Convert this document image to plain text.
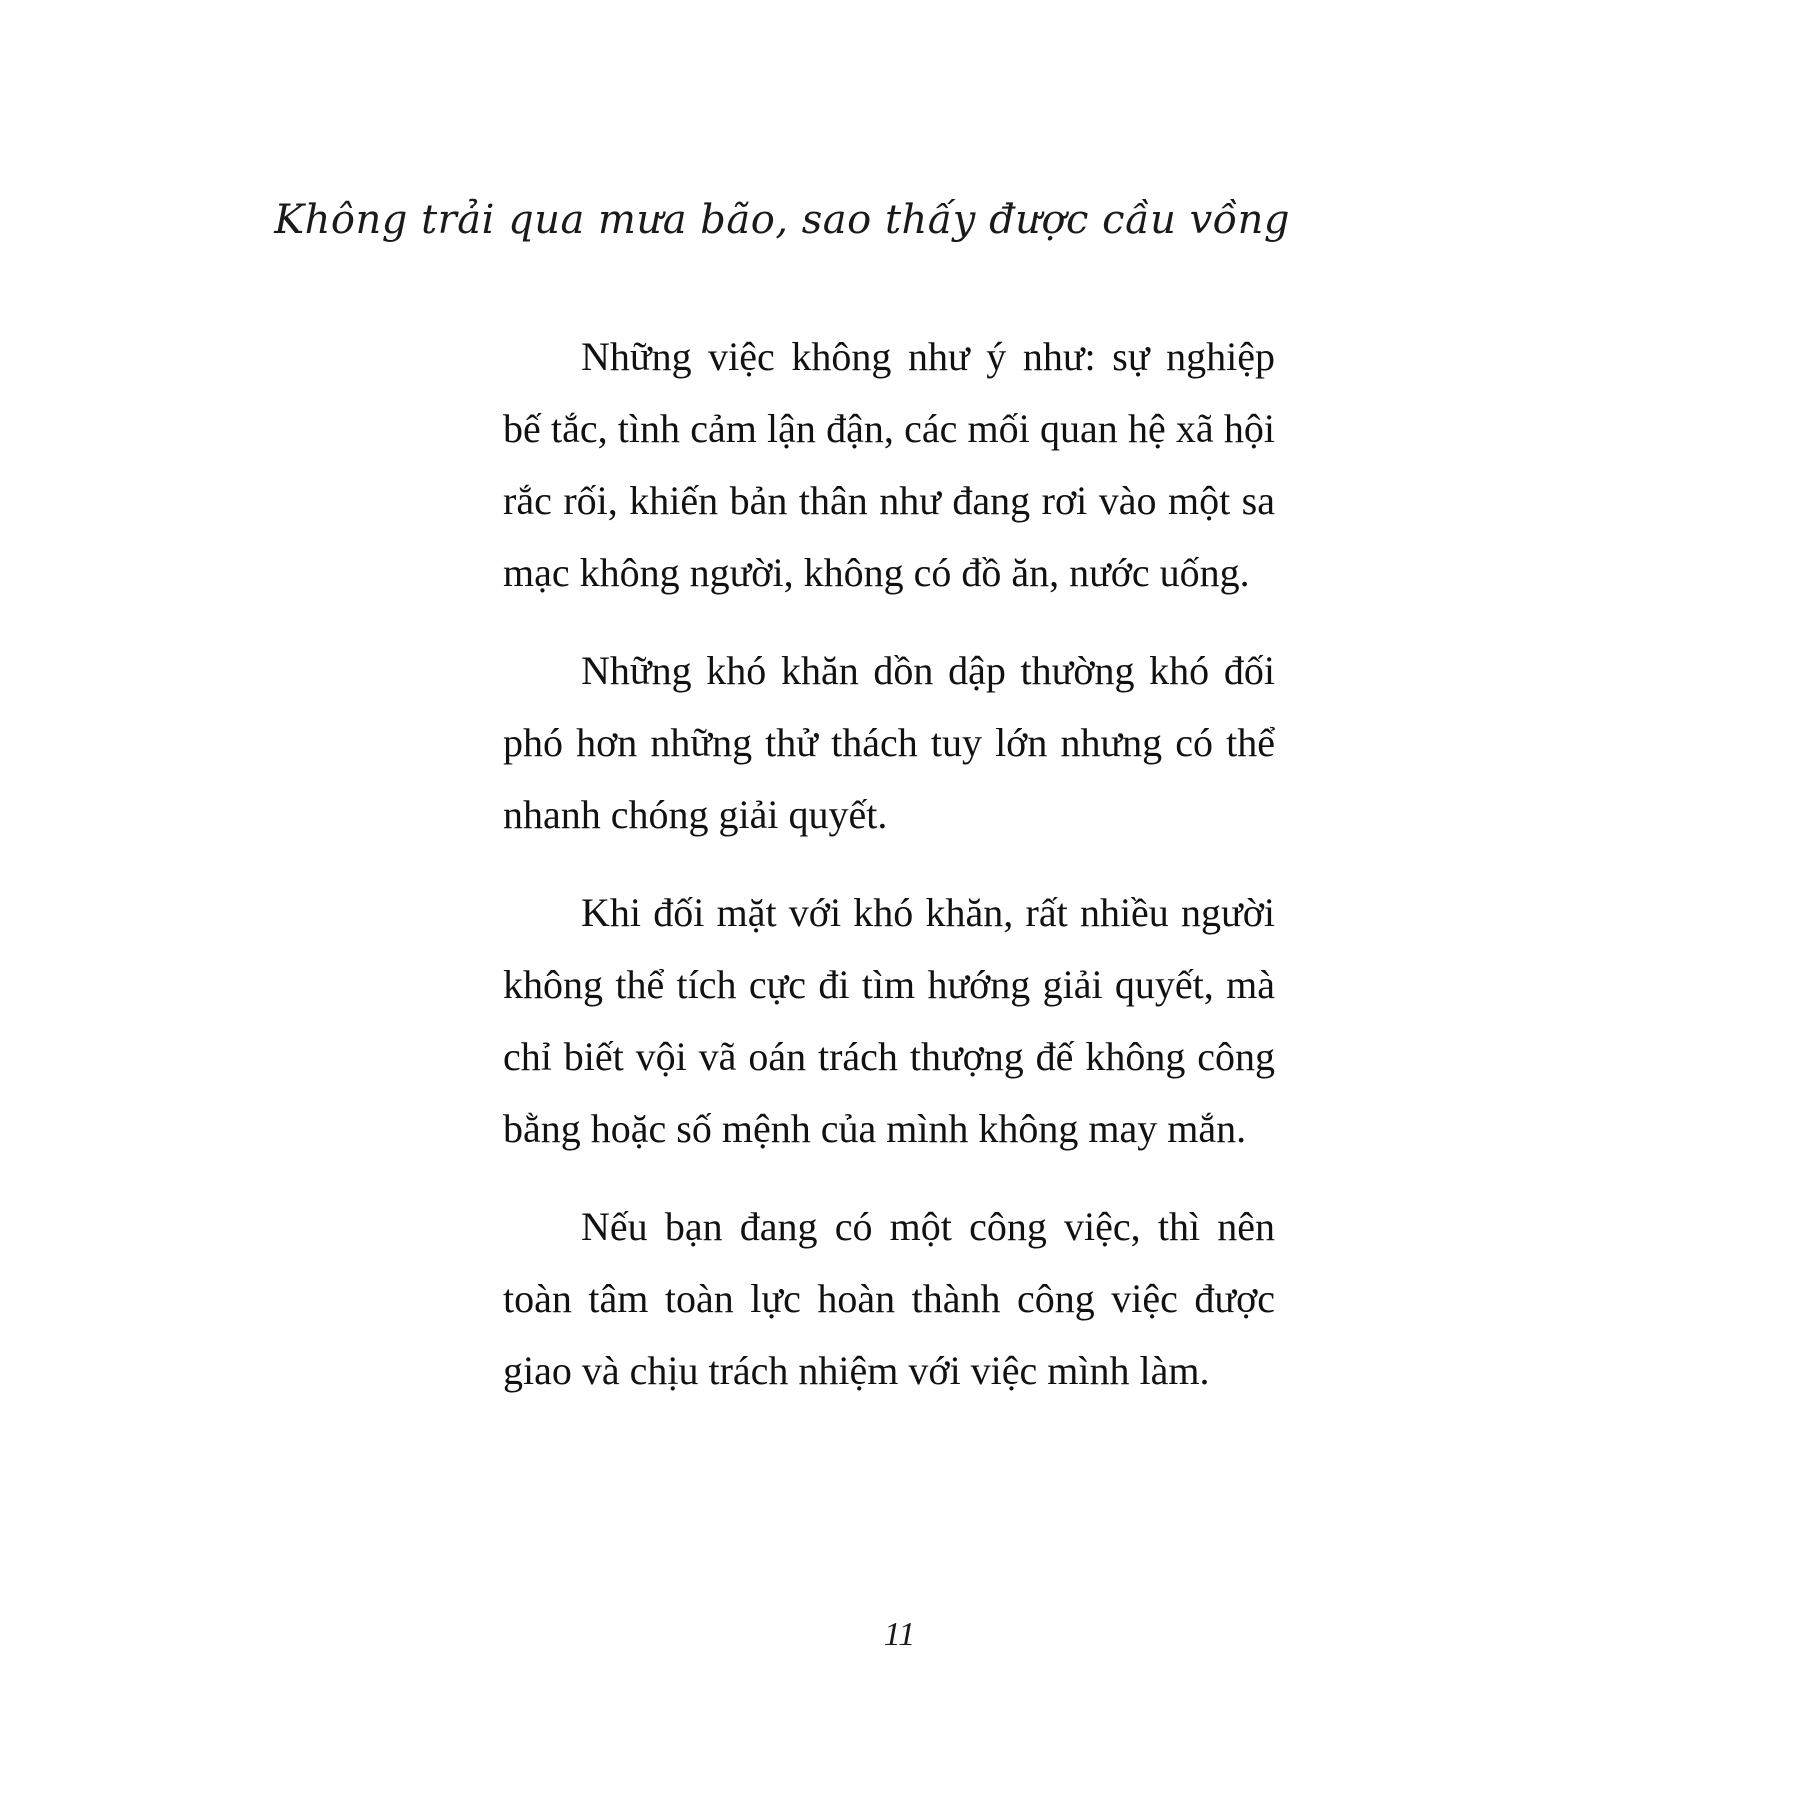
Không trải qua mưa bão, sao thấy được cầu vồng

Những việc không như ý như: sự nghiệp bế tắc, tình cảm lận đận, các mối quan hệ xã hội rắc rối, khiến bản thân như đang rơi vào một sa mạc không người, không có đồ ăn, nước uống.

Những khó khăn dồn dập thường khó đối phó hơn những thử thách tuy lớn nhưng có thể nhanh chóng giải quyết.

Khi đối mặt với khó khăn, rất nhiều người không thể tích cực đi tìm hướng giải quyết, mà chỉ biết vội vã oán trách thượng đế không công bằng hoặc số mệnh của mình không may mắn.

Nếu bạn đang có một công việc, thì nên toàn tâm toàn lực hoàn thành công việc được giao và chịu trách nhiệm với việc mình làm.

11
